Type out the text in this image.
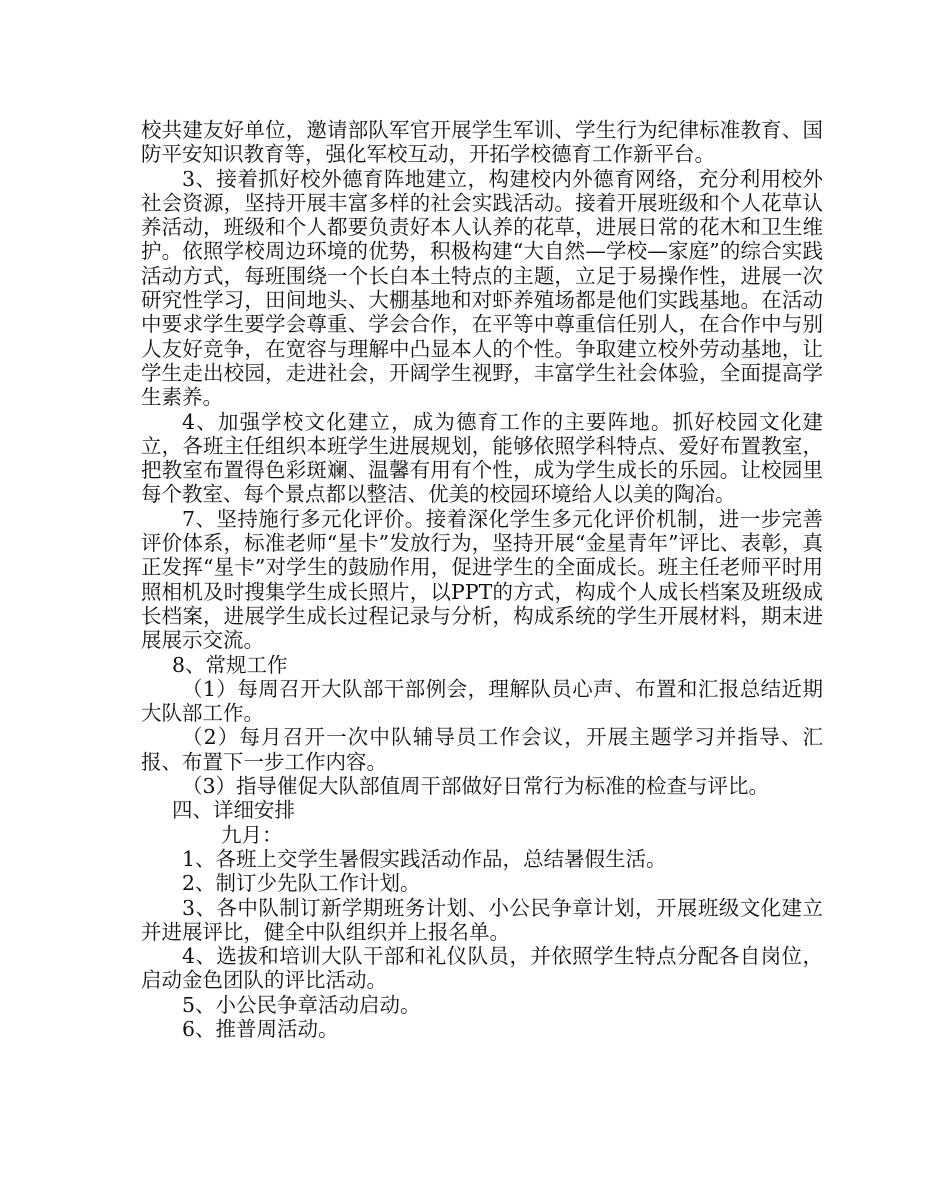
校共建友好单位，邀请部队军官开展学生军训、学生行为纪律标准教育、国防平安知识教育等，强化军校互动，开拓学校德育工作新平台。

3、接着抓好校外德育阵地建立，构建校内外德育网络，充分利用校外社会资源，坚持开展丰富多样的社会实践活动。接着开展班级和个人花草认养活动，班级和个人都要负责好本人认养的花草，进展日常的花木和卫生维护。依照学校周边环境的优势，积极构建“大自然—学校—家庭”的综合实践活动方式，每班围绕一个长白本土特点的主题，立足于易操作性，进展一次研究性学习，田间地头、大棚基地和对虾养殖场都是他们实践基地。在活动中要求学生要学会尊重、学会合作，在平等中尊重信任别人，在合作中与别人友好竞争，在宽容与理解中凸显本人的个性。争取建立校外劳动基地，让学生走出校园，走进社会，开阔学生视野，丰富学生社会体验，全面提高学生素养。

4、加强学校文化建立，成为德育工作的主要阵地。抓好校园文化建立，各班主任组织本班学生进展规划，能够依照学科特点、爱好布置教室，把教室布置得色彩斑斓、温馨有用有个性，成为学生成长的乐园。让校园里每个教室、每个景点都以整洁、优美的校园环境给人以美的陶冶。

7、坚持施行多元化评价。接着深化学生多元化评价机制，进一步完善评价体系，标准老师“星卡”发放行为，坚持开展“金星青年”评比、表彰，真正发挥“星卡”对学生的鼓励作用，促进学生的全面成长。班主任老师平时用照相机及时搜集学生成长照片，以PPT的方式，构成个人成长档案及班级成长档案，进展学生成长过程记录与分析，构成系统的学生开展材料，期末进展展示交流。

8、常规工作

（1）每周召开大队部干部例会，理解队员心声、布置和汇报总结近期大队部工作。

（2）每月召开一次中队辅导员工作会议，开展主题学习并指导、汇报、布置下一步工作内容。

（3）指导催促大队部值周干部做好日常行为标准的检查与评比。

四、详细安排

九月：

1、各班上交学生暑假实践活动作品，总结暑假生活。

2、制订少先队工作计划。

3、各中队制订新学期班务计划、小公民争章计划，开展班级文化建立并进展评比，健全中队组织并上报名单。

4、选拔和培训大队干部和礼仪队员，并依照学生特点分配各自岗位，启动金色团队的评比活动。

5、小公民争章活动启动。

6、推普周活动。
